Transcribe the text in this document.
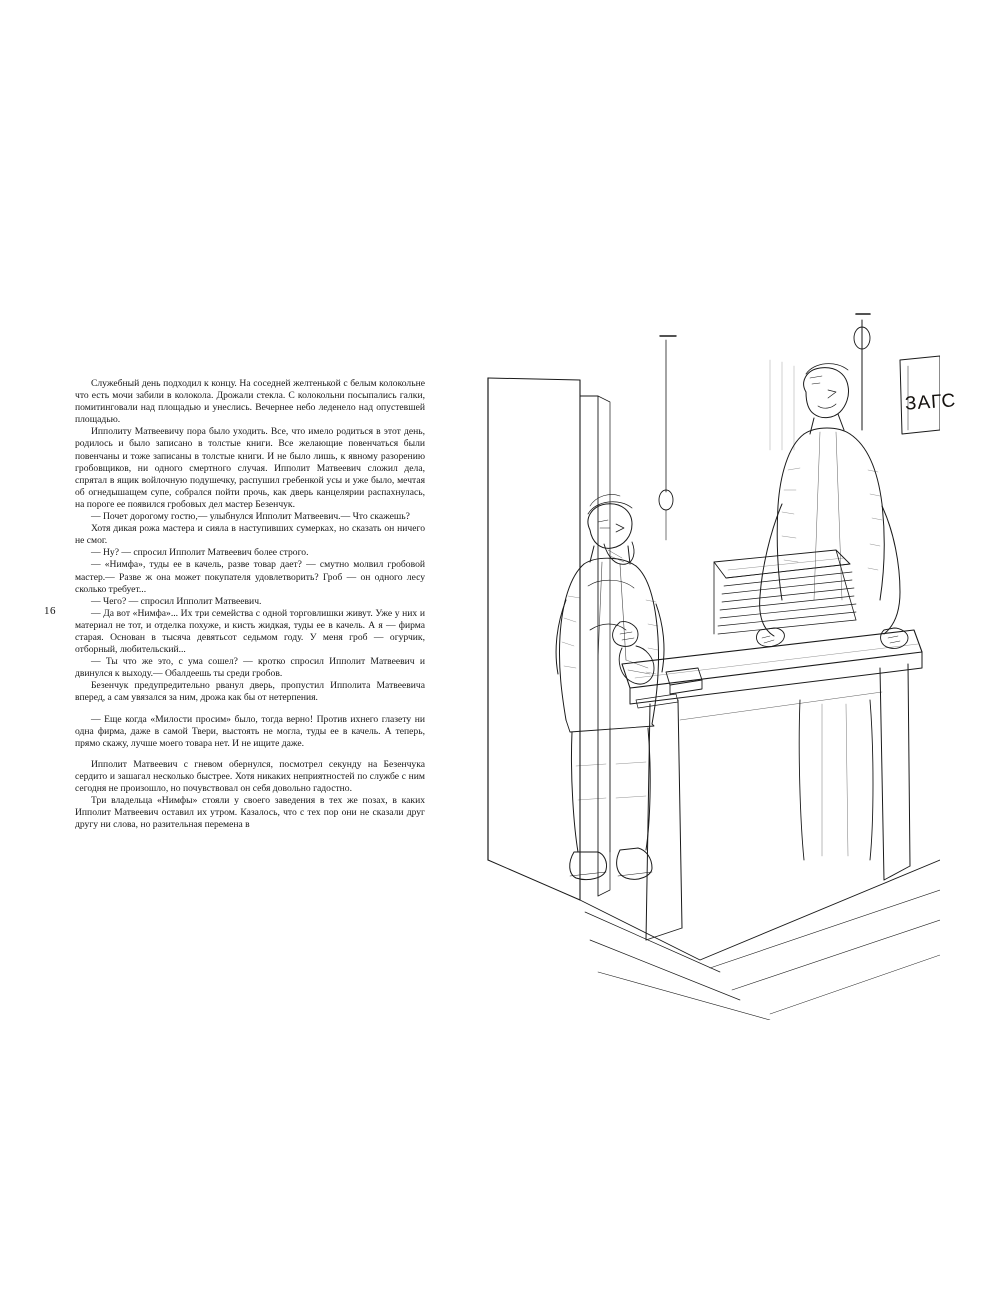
16

Служебный день подходил к концу. На соседней желтенькой с белым колокольне что есть мочи забили в колокола. Дрожали стекла. С колокольни посыпались галки, помитинговали над площадью и унеслись. Вечернее небо леденело над опустевшей площадью.

Ипполиту Матвеевичу пора было уходить. Все, что имело родиться в этот день, родилось и было записано в толстые книги. Все желающие повенчаться были повенчаны и тоже записаны в толстые книги. И не было лишь, к явному разорению гробовщиков, ни одного смертного случая. Ипполит Матвеевич сложил дела, спрятал в ящик войлочную подушечку, распушил гребенкой усы и уже было, мечтая об огнедышащем супе, собрался пойти прочь, как дверь канцелярии распахнулась, на пороге ее появился гробовых дел мастер Безенчук.

— Почет дорогому гостю,— улыбнулся Ипполит Матвеевич.— Что скажешь?

Хотя дикая рожа мастера и сияла в наступивших сумерках, но сказать он ничего не смог.

— Ну? — спросил Ипполит Матвеевич более строго.

— «Нимфа», туды ее в качель, разве товар дает? — смутно молвил гробовой мастер.— Разве ж она может покупателя удовлетворить? Гроб — он одного лесу сколько требует...

— Чего? — спросил Ипполит Матвеевич.

— Да вот «Нимфа»... Их три семейства с одной торговлишки живут. Уже у них и материал не тот, и отделка похуже, и кисть жидкая, туды ее в качель. А я — фирма старая. Основан в тысяча девятьсот седьмом году. У меня гроб — огурчик, отборный, любительский...

— Ты что же это, с ума сошел? — кротко спросил Ипполит Матвеевич и двинулся к выходу.— Обалдеешь ты среди гробов.

Безенчук предупредительно рванул дверь, пропустил Ипполита Матвеевича вперед, а сам увязался за ним, дрожа как бы от нетерпения.

— Еще когда «Милости просим» было, тогда верно! Против ихнего глазету ни одна фирма, даже в самой Твери, выстоять не могла, туды ее в качель. А теперь, прямо скажу, лучше моего товара нет. И не ищите даже.

Ипполит Матвеевич с гневом обернулся, посмотрел секунду на Безенчука сердито и зашагал несколько быстрее. Хотя никаких неприятностей по службе с ним сегодня не произошло, но почувствовал он себя довольно гадостно.

Три владельца «Нимфы» стояли у своего заведения в тех же позах, в каких Ипполит Матвеевич оставил их утром. Казалось, что с тех пор они не сказали друг другу ни слова, но разительная перемена в

ЗАГС
